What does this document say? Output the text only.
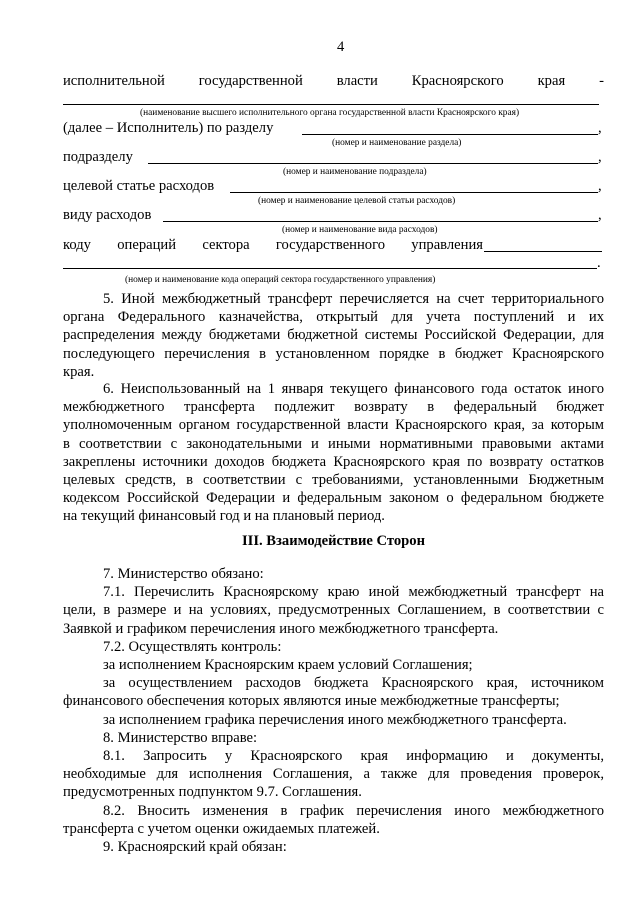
4
исполнительной государственной власти Красноярского края -
(наименование высшего исполнительного органа государственной власти Красноярского края)
(далее – Исполнитель) по разделу	,
(номер и наименование раздела)
подразделу	,
(номер и наименование подраздела)
целевой статье расходов	,
(номер и наименование целевой статьи расходов)
виду расходов	,
(номер и наименование вида расходов)
коду операций сектора государственного управления
.
(номер и наименование кода операций сектора государственного управления)
5. Иной межбюджетный трансферт перечисляется на счет территориального
органа Федерального казначейства, открытый для учета поступлений и их
распределения между бюджетами бюджетной системы Российской Федерации, для
последующего перечисления в установленном порядке в бюджет Красноярского
края.
6. Неиспользованный на 1 января текущего финансового года остаток иного
межбюджетного трансферта подлежит возврату в федеральный бюджет
уполномоченным органом государственной власти Красноярского края, за которым
в соответствии с законодательными и иными нормативными правовыми актами
закреплены источники доходов бюджета Красноярского края по возврату остатков
целевых средств, в соответствии с требованиями, установленными Бюджетным
кодексом Российской Федерации и федеральным законом о федеральном бюджете
на текущий финансовый год и на плановый период.
III. Взаимодействие Сторон
7. Министерство обязано:
7.1. Перечислить Красноярскому краю иной межбюджетный трансферт на
цели, в размере и на условиях, предусмотренных Соглашением, в соответствии с
Заявкой и графиком перечисления иного межбюджетного трансферта.
7.2. Осуществлять контроль:
за исполнением Красноярским краем условий Соглашения;
за осуществлением расходов бюджета Красноярского края, источником
финансового обеспечения которых являются иные межбюджетные трансферты;
за исполнением графика перечисления иного межбюджетного трансферта.
8. Министерство вправе:
8.1. Запросить у Красноярского края информацию и документы,
необходимые для исполнения Соглашения, а также для проведения проверок,
предусмотренных подпунктом 9.7. Соглашения.
8.2. Вносить изменения в график перечисления иного межбюджетного
трансферта с учетом оценки ожидаемых платежей.
9. Красноярский край обязан:
